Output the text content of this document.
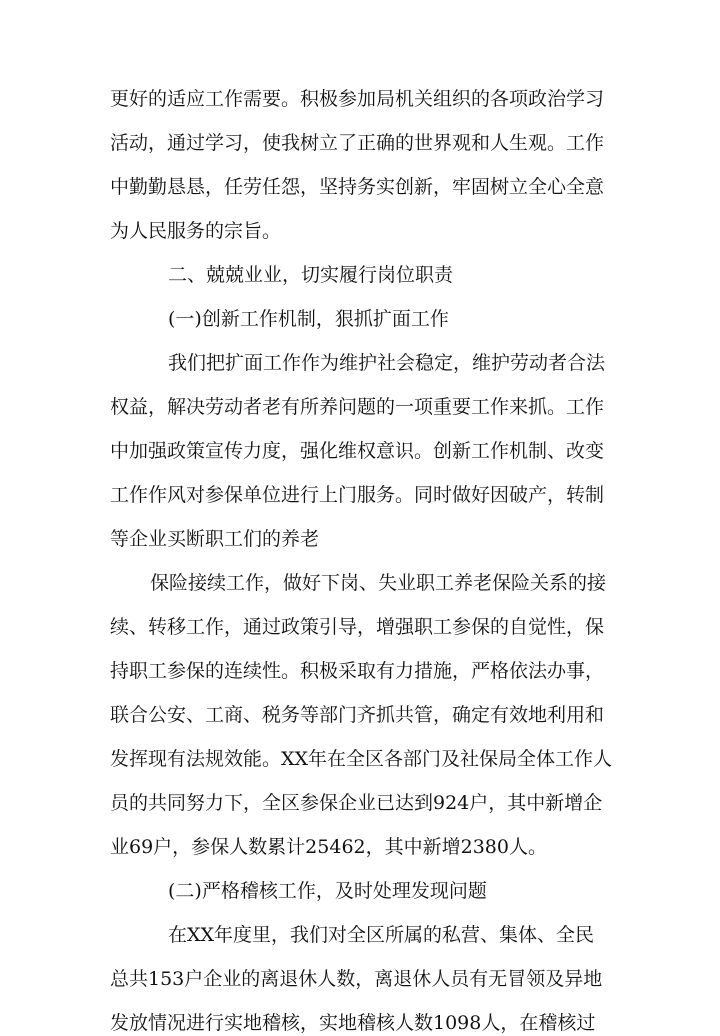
更好的适应工作需要。积极参加局机关组织的各项政治学习
活动，通过学习，使我树立了正确的世界观和人生观。工作
中勤勤恳恳，任劳任怨，坚持务实创新，牢固树立全心全意
为人民服务的宗旨。
二、兢兢业业，切实履行岗位职责
(一)创新工作机制，狠抓扩面工作
我们把扩面工作作为维护社会稳定，维护劳动者合法
权益，解决劳动者老有所养问题的一项重要工作来抓。工作
中加强政策宣传力度，强化维权意识。创新工作机制、改变
工作作风对参保单位进行上门服务。同时做好因破产，转制
等企业买断职工们的养老
保险接续工作，做好下岗、失业职工养老保险关系的接
续、转移工作，通过政策引导，增强职工参保的自觉性，保
持职工参保的连续性。积极采取有力措施，严格依法办事，
联合公安、工商、税务等部门齐抓共管，确定有效地利用和
发挥现有法规效能。XX年在全区各部门及社保局全体工作人
员的共同努力下，全区参保企业已达到924户，其中新增企
业69户，参保人数累计25462，其中新增2380人。
(二)严格稽核工作，及时处理发现问题
在XX年度里，我们对全区所属的私营、集体、全民
总共153户企业的离退休人数，离退休人员有无冒领及异地
发放情况进行实地稽核，实地稽核人数1098人，在稽核过
